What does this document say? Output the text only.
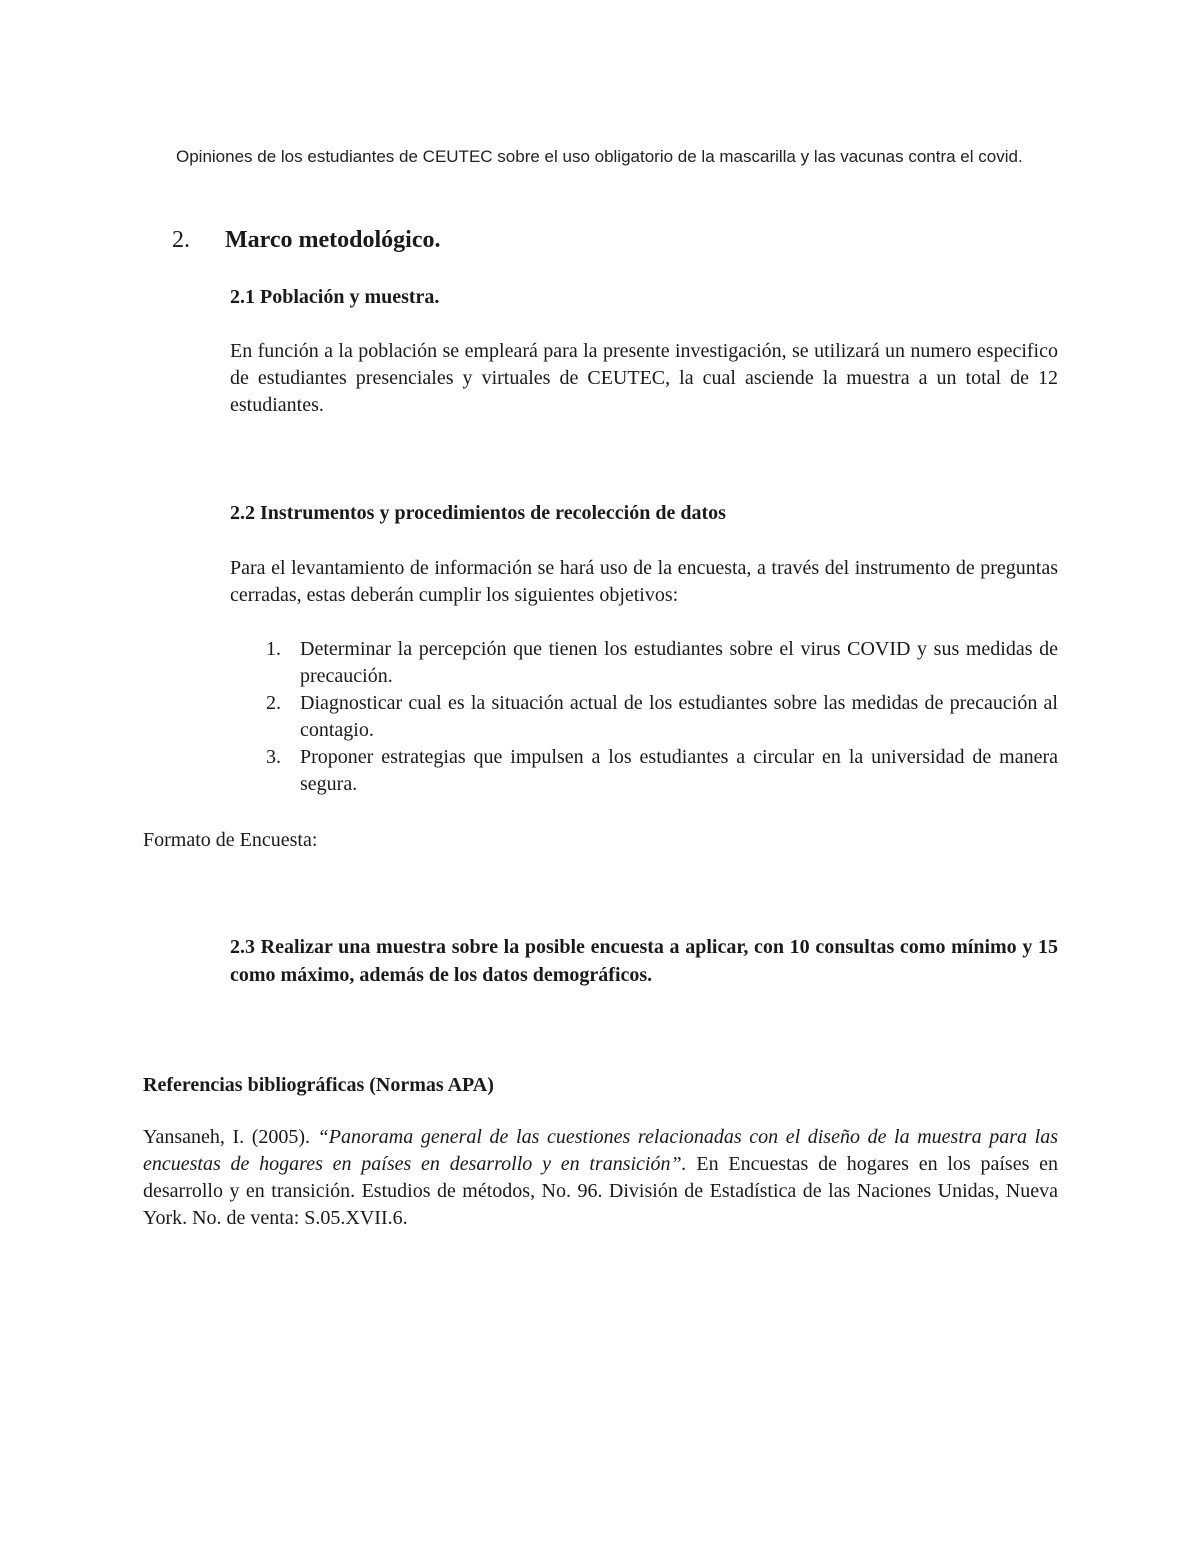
Opiniones de los estudiantes de CEUTEC sobre el uso obligatorio de la mascarilla y las vacunas contra el covid.
2. Marco metodológico.
2.1 Población y muestra.
En función a la población se empleará para la presente investigación, se utilizará un numero especifico de estudiantes presenciales y virtuales de CEUTEC, la cual asciende la muestra a un total de 12 estudiantes.
2.2 Instrumentos y procedimientos de recolección de datos
Para el levantamiento de información se hará uso de la encuesta, a través del instrumento de preguntas cerradas, estas deberán cumplir los siguientes objetivos:
1. Determinar la percepción que tienen los estudiantes sobre el virus COVID y sus medidas de precaución.
2. Diagnosticar cual es la situación actual de los estudiantes sobre las medidas de precaución al contagio.
3. Proponer estrategias que impulsen a los estudiantes a circular en la universidad de manera segura.
Formato de Encuesta:
2.3 Realizar una muestra sobre la posible encuesta a aplicar, con 10 consultas como mínimo y 15 como máximo, además de los datos demográficos.
Referencias bibliográficas (Normas APA)
Yansaneh, I. (2005). “Panorama general de las cuestiones relacionadas con el diseño de la muestra para las encuestas de hogares en países en desarrollo y en transición”. En Encuestas de hogares en los países en desarrollo y en transición. Estudios de métodos, No. 96. División de Estadística de las Naciones Unidas, Nueva York. No. de venta: S.05.XVII.6.
